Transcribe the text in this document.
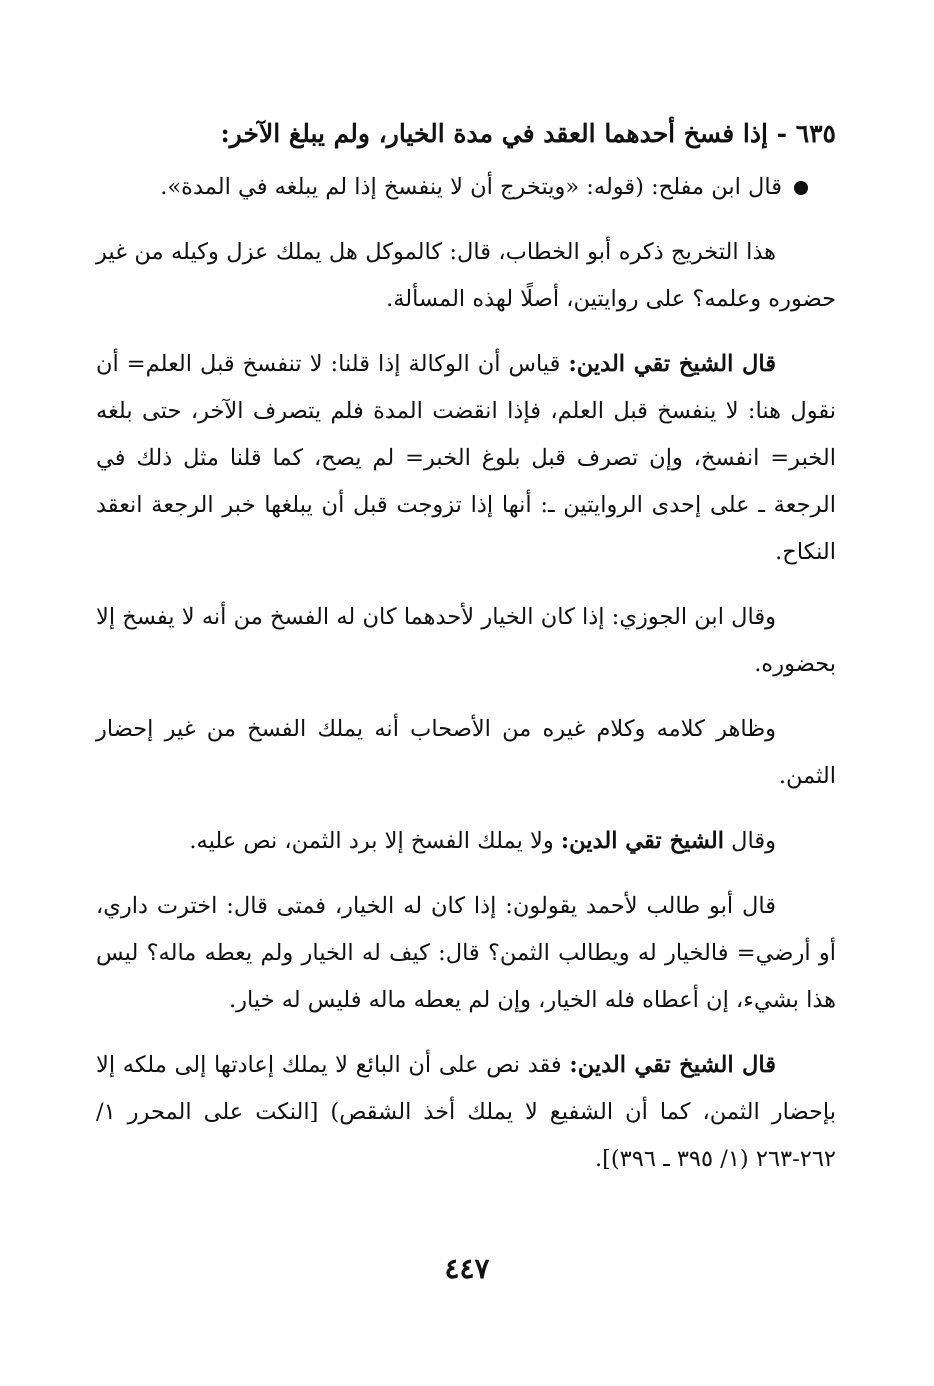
٦٣٥ - إذا فسخ أحدهما العقد في مدة الخيار، ولم يبلغ الآخر:
قال ابن مفلح: (قوله: «ويتخرج أن لا ينفسخ إذا لم يبلغه في المدة».

هذا التخريج ذكره أبو الخطاب، قال: كالموكل هل يملك عزل وكيله من غير حضوره وعلمه؟ على روايتين، أصلًا لهذه المسألة.

قال الشيخ تقي الدين: قياس أن الوكالة إذا قلنا: لا تنفسخ قبل العلم= أن نقول هنا: لا ينفسخ قبل العلم، فإذا انقضت المدة فلم يتصرف الآخر، حتى بلغه الخبر= انفسخ، وإن تصرف قبل بلوغ الخبر= لم يصح، كما قلنا مثل ذلك في الرجعة ـ على إحدى الروايتين ـ: أنها إذا تزوجت قبل أن يبلغها خبر الرجعة انعقد النكاح.

وقال ابن الجوزي: إذا كان الخيار لأحدهما كان له الفسخ من أنه لا يفسخ إلا بحضوره.

وظاهر كلامه وكلام غيره من الأصحاب أنه يملك الفسخ من غير إحضار الثمن.

وقال الشيخ تقي الدين: ولا يملك الفسخ إلا برد الثمن، نص عليه.

قال أبو طالب لأحمد يقولون: إذا كان له الخيار، فمتى قال: اخترت داري، أو أرضي= فالخيار له ويطالب الثمن؟ قال: كيف له الخيار ولم يعطه ماله؟ ليس هذا بشيء، إن أعطاه فله الخيار، وإن لم يعطه ماله فليس له خيار.

قال الشيخ تقي الدين: فقد نص على أن البائع لا يملك إعادتها إلى ملكه إلا بإحضار الثمن، كما أن الشفيع لا يملك أخذ الشقص) [النكت على المحرر ١/ ٢٦٢-٢٦٣ (١/ ٣٩٥ ـ ٣٩٦)].

٤٤٧
